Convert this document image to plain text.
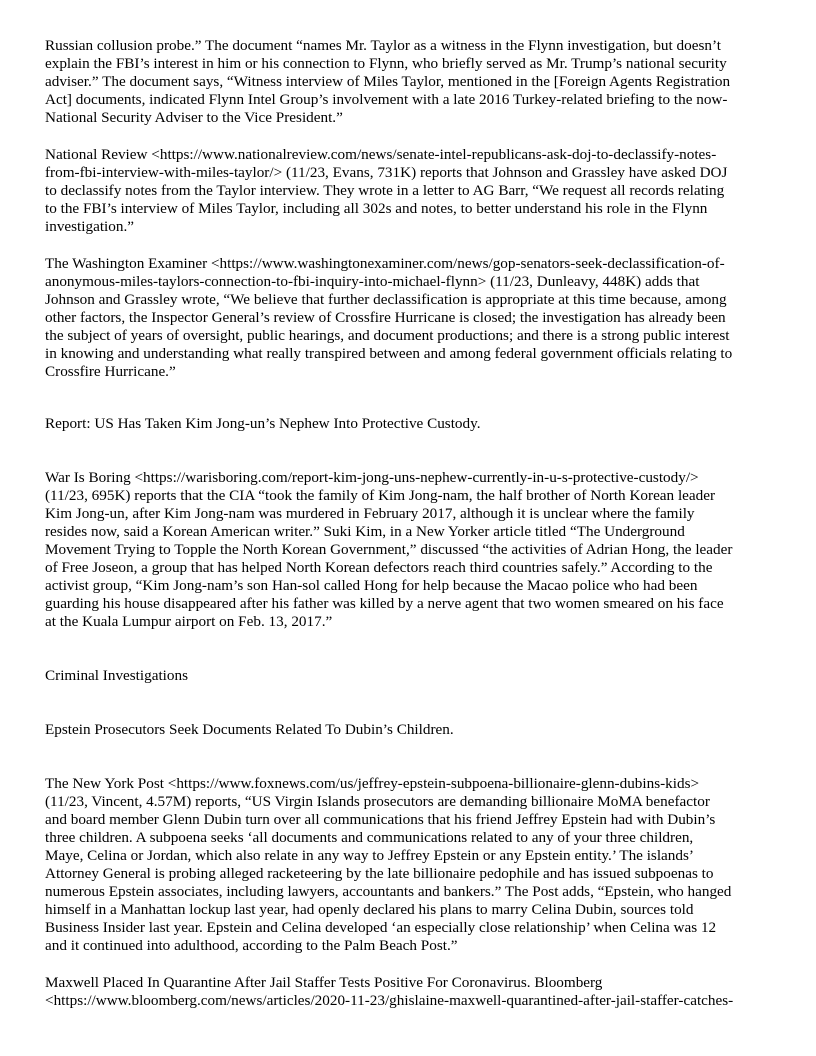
Russian collusion probe.” The document “names Mr. Taylor as a witness in the Flynn investigation, but doesn’t
explain the FBI’s interest in him or his connection to Flynn, who briefly served as Mr. Trump’s national security
adviser.” The document says, “Witness interview of Miles Taylor, mentioned in the [Foreign Agents Registration
Act] documents, indicated Flynn Intel Group’s involvement with a late 2016 Turkey-related briefing to the now-
National Security Adviser to the Vice President.”

National Review <https://www.nationalreview.com/news/senate-intel-republicans-ask-doj-to-declassify-notes-
from-fbi-interview-with-miles-taylor/> (11/23, Evans, 731K) reports that Johnson and Grassley have asked DOJ
to declassify notes from the Taylor interview. They wrote in a letter to AG Barr, “We request all records relating
to the FBI’s interview of Miles Taylor, including all 302s and notes, to better understand his role in the Flynn
investigation.”

The Washington Examiner <https://www.washingtonexaminer.com/news/gop-senators-seek-declassification-of-
anonymous-miles-taylors-connection-to-fbi-inquiry-into-michael-flynn> (11/23, Dunleavy, 448K) adds that
Johnson and Grassley wrote, “We believe that further declassification is appropriate at this time because, among
other factors, the Inspector General’s review of Crossfire Hurricane is closed; the investigation has already been
the subject of years of oversight, public hearings, and document productions; and there is a strong public interest
in knowing and understanding what really transpired between and among federal government officials relating to
Crossfire Hurricane.”

Report: US Has Taken Kim Jong-un’s Nephew Into Protective Custody.

War Is Boring <https://warisboring.com/report-kim-jong-uns-nephew-currently-in-u-s-protective-custody/>
(11/23, 695K) reports that the CIA “took the family of Kim Jong-nam, the half brother of North Korean leader
Kim Jong-un, after Kim Jong-nam was murdered in February 2017, although it is unclear where the family
resides now, said a Korean American writer.” Suki Kim, in a New Yorker article titled “The Underground
Movement Trying to Topple the North Korean Government,” discussed “the activities of Adrian Hong, the leader
of Free Joseon, a group that has helped North Korean defectors reach third countries safely.” According to the
activist group, “Kim Jong-nam’s son Han-sol called Hong for help because the Macao police who had been
guarding his house disappeared after his father was killed by a nerve agent that two women smeared on his face
at the Kuala Lumpur airport on Feb. 13, 2017.”

Criminal Investigations

Epstein Prosecutors Seek Documents Related To Dubin’s Children.

The New York Post <https://www.foxnews.com/us/jeffrey-epstein-subpoena-billionaire-glenn-dubins-kids>
(11/23, Vincent, 4.57M) reports, “US Virgin Islands prosecutors are demanding billionaire MoMA benefactor
and board member Glenn Dubin turn over all communications that his friend Jeffrey Epstein had with Dubin’s
three children. A subpoena seeks ‘all documents and communications related to any of your three children,
Maye, Celina or Jordan, which also relate in any way to Jeffrey Epstein or any Epstein entity.’ The islands’
Attorney General is probing alleged racketeering by the late billionaire pedophile and has issued subpoenas to
numerous Epstein associates, including lawyers, accountants and bankers.” The Post adds, “Epstein, who hanged
himself in a Manhattan lockup last year, had openly declared his plans to marry Celina Dubin, sources told
Business Insider last year. Epstein and Celina developed ‘an especially close relationship’ when Celina was 12
and it continued into adulthood, according to the Palm Beach Post.”

Maxwell Placed In Quarantine After Jail Staffer Tests Positive For Coronavirus. Bloomberg
<https://www.bloomberg.com/news/articles/2020-11-23/ghislaine-maxwell-quarantined-after-jail-staffer-catches-
